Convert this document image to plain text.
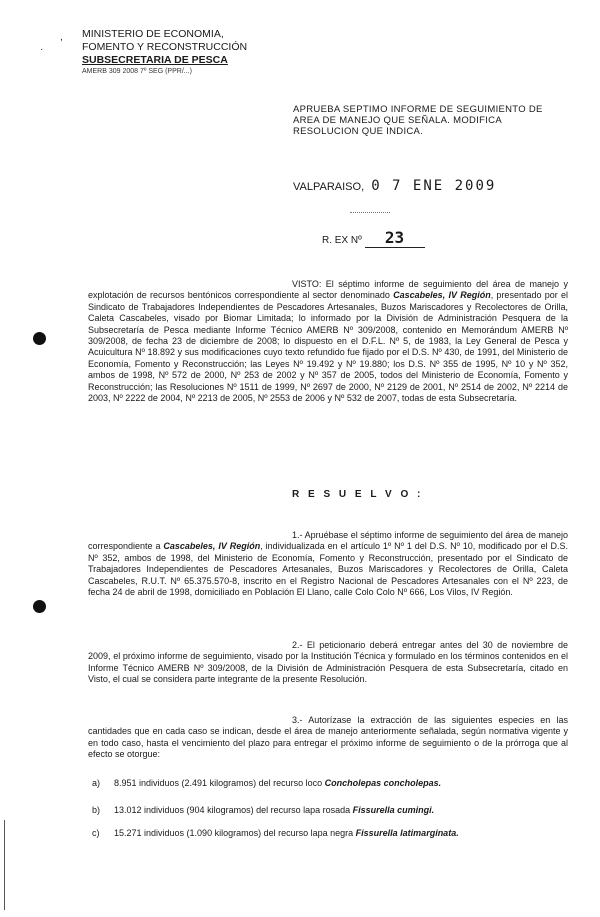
,
·
MINISTERIO DE ECONOMIA,
FOMENTO Y RECONSTRUCCIÓN
SUBSECRETARIA DE PESCA
AMERB 309 2008 7º SEG (PPR/...)
APRUEBA SEPTIMO INFORME DE SEGUIMIENTO DE AREA DE MANEJO QUE SEÑALA. MODIFICA RESOLUCION QUE INDICA.
VALPARAISO, 0 7 ENE 2009
R. EX Nº 23

VISTO: El séptimo informe de seguimiento del área de manejo y explotación de recursos bentónicos correspondiente al sector denominado Cascabeles, IV Región, presentado por el Sindicato de Trabajadores Independientes de Pescadores Artesanales, Buzos Mariscadores y Recolectores de Orilla, Caleta Cascabeles, visado por Biomar Limitada; lo informado por la División de Administración Pesquera de la Subsecretaría de Pesca mediante Informe Técnico AMERB Nº 309/2008, contenido en Memorándum AMERB Nº 309/2008, de fecha 23 de diciembre de 2008; lo dispuesto en el D.F.L. Nº 5, de 1983, la Ley General de Pesca y Acuicultura Nº 18.892 y sus modificaciones cuyo texto refundido fue fijado por el D.S. Nº 430, de 1991, del Ministerio de Economía, Fomento y Reconstrucción; las Leyes Nº 19.492 y Nº 19.880; los D.S. Nº 355 de 1995, Nº 10 y Nº 352, ambos de 1998, Nº 572 de 2000, Nº 253 de 2002 y Nº 357 de 2005, todos del Ministerio de Economía, Fomento y Reconstrucción; las Resoluciones Nº 1511 de 1999, Nº 2697 de 2000, Nº 2129 de 2001, Nº 2514 de 2002, Nº 2214 de 2003, Nº 2222 de 2004, Nº 2213 de 2005, Nº 2553 de 2006 y Nº 532 de 2007, todas de esta Subsecretaría.

R E S U E L V O :

1.- Apruébase el séptimo informe de seguimiento del área de manejo correspondiente a Cascabeles, IV Región, individualizada en el artículo 1º Nº 1 del D.S. Nº 10, modificado por el D.S. Nº 352, ambos de 1998, del Ministerio de Economía, Fomento y Reconstrucción, presentado por el Sindicato de Trabajadores Independientes de Pescadores Artesanales, Buzos Mariscadores y Recolectores de Orilla, Caleta Cascabeles, R.U.T. Nº 65.375.570-8, inscrito en el Registro Nacional de Pescadores Artesanales con el Nº 223, de fecha 24 de abril de 1998, domiciliado en Población El Llano, calle Colo Colo Nº 666, Los Vilos, IV Región.

2.- El peticionario deberá entregar antes del 30 de noviembre de 2009, el próximo informe de seguimiento, visado por la Institución Técnica y formulado en los términos contenidos en el Informe Técnico AMERB Nº 309/2008, de la División de Administración Pesquera de esta Subsecretaría, citado en Visto, el cual se considera parte integrante de la presente Resolución.

3.- Autorízase la extracción de las siguientes especies en las cantidades que en cada caso se indican, desde el área de manejo anteriormente señalada, según normativa vigente y en todo caso, hasta el vencimiento del plazo para entregar el próximo informe de seguimiento o de la prórroga que al efecto se otorgue:

a) 8.951 individuos (2.491 kilogramos) del recurso loco Concholepas concholepas.
b) 13.012 individuos (904 kilogramos) del recurso lapa rosada Fissurella cumingi.
c) 15.271 individuos (1.090 kilogramos) del recurso lapa negra Fissurella latimarginata.
